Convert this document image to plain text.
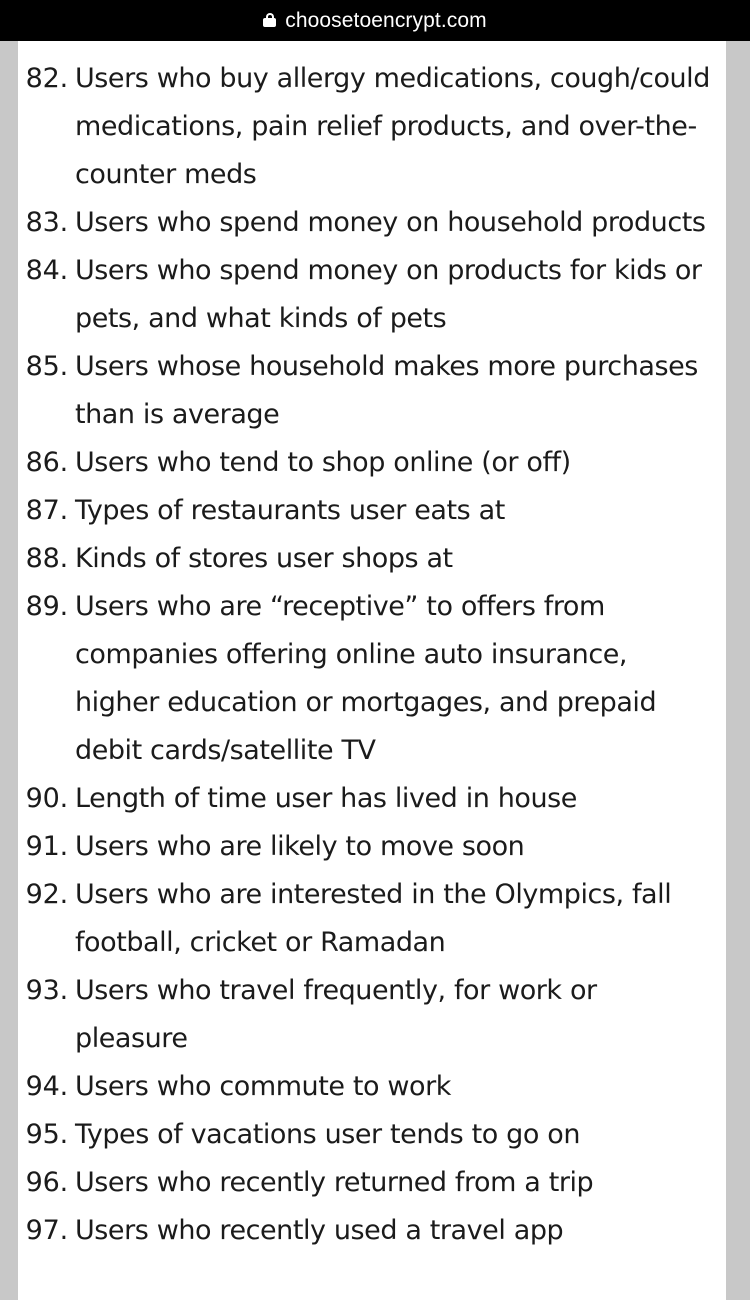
choosetoencrypt.com
82. Users who buy allergy medications, cough/could medications, pain relief products, and over-the-counter meds
83. Users who spend money on household products
84. Users who spend money on products for kids or pets, and what kinds of pets
85. Users whose household makes more purchases than is average
86. Users who tend to shop online (or off)
87. Types of restaurants user eats at
88. Kinds of stores user shops at
89. Users who are “receptive” to offers from companies offering online auto insurance, higher education or mortgages, and prepaid debit cards/satellite TV
90. Length of time user has lived in house
91. Users who are likely to move soon
92. Users who are interested in the Olympics, fall football, cricket or Ramadan
93. Users who travel frequently, for work or pleasure
94. Users who commute to work
95. Types of vacations user tends to go on
96. Users who recently returned from a trip
97. Users who recently used a travel app
